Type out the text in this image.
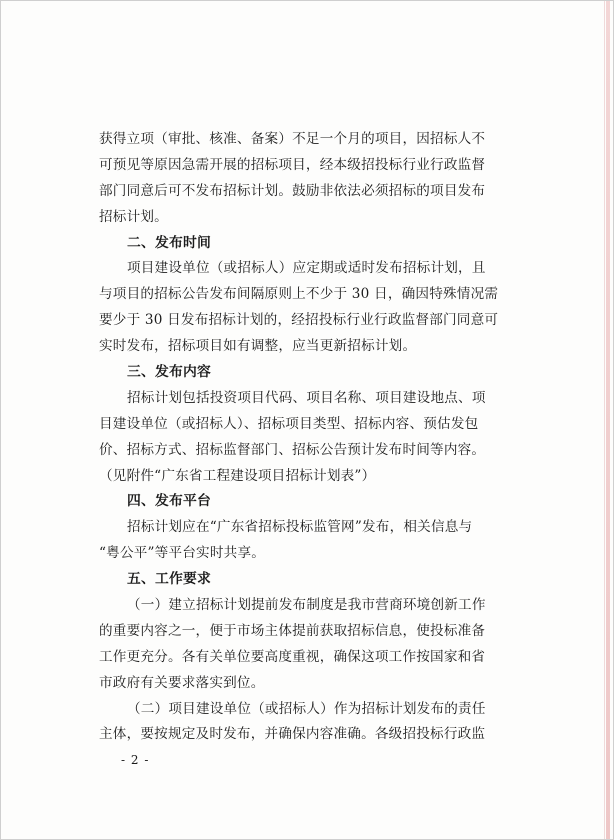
获得立项（审批、核准、备案）不足一个月的项目，因招标人不
可预见等原因急需开展的招标项目，经本级招投标行业行政监督
部门同意后可不发布招标计划。鼓励非依法必须招标的项目发布
招标计划。
二、发布时间
项目建设单位（或招标人）应定期或适时发布招标计划，且
与项目的招标公告发布间隔原则上不少于 30 日，确因特殊情况需
要少于 30 日发布招标计划的，经招投标行业行政监督部门同意可
实时发布，招标项目如有调整，应当更新招标计划。
三、发布内容
招标计划包括投资项目代码、项目名称、项目建设地点、项
目建设单位（或招标人）、招标项目类型、招标内容、预估发包
价、招标方式、招标监督部门、招标公告预计发布时间等内容。
（见附件“广东省工程建设项目招标计划表”）
四、发布平台
招标计划应在“广东省招标投标监管网”发布，相关信息与
“粤公平”等平台实时共享。
五、工作要求
（一）建立招标计划提前发布制度是我市营商环境创新工作
的重要内容之一，便于市场主体提前获取招标信息，使投标准备
工作更充分。各有关单位要高度重视，确保这项工作按国家和省
市政府有关要求落实到位。
（二）项目建设单位（或招标人）作为招标计划发布的责任
主体，要按规定及时发布，并确保内容准确。各级招投标行政监
- 2 -
